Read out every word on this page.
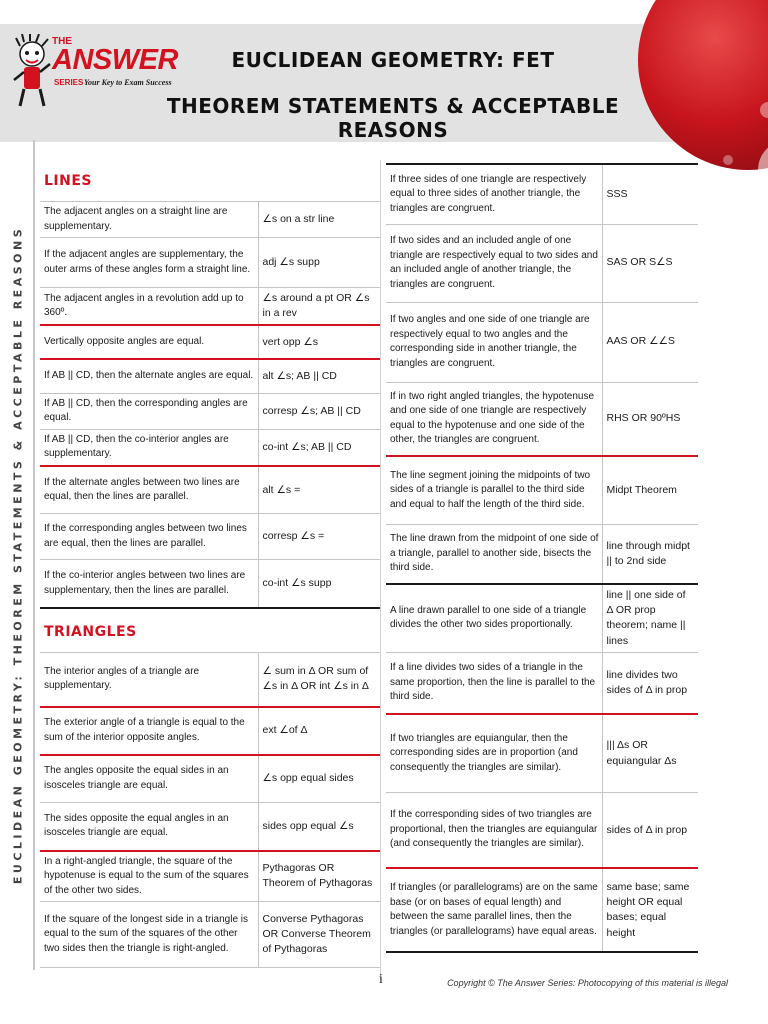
THE
ANSWER
SERIES Your Key to Exam Success
EUCLIDEAN GEOMETRY: FET
THEOREM STATEMENTS & ACCEPTABLE REASONS
EUCLIDEAN GEOMETRY: THEOREM STATEMENTS & ACCEPTABLE REASONS
LINES
The adjacent angles on a straight line are supplementary.	∠s on a str line
If the adjacent angles are supplementary, the outer arms of these angles form a straight line.	adj ∠s supp
The adjacent angles in a revolution add up to 360º.	∠s around a pt OR ∠s in a rev
Vertically opposite angles are equal.	vert opp ∠s
If AB || CD, then the alternate angles are equal.	alt ∠s; AB || CD
If AB || CD, then the corresponding angles are equal.	corresp ∠s; AB || CD
If AB || CD, then the co-interior angles are supplementary.	co-int ∠s; AB || CD
If the alternate angles between two lines are equal, then the lines are parallel.	alt ∠s =
If the corresponding angles between two lines are equal, then the lines are parallel.	corresp ∠s =
If the co-interior angles between two lines are supplementary, then the lines are parallel.	co-int ∠s supp
TRIANGLES
The interior angles of a triangle are supplementary.	∠ sum in Δ OR sum of ∠s in Δ OR int ∠s in Δ
The exterior angle of a triangle is equal to the sum of the interior opposite angles.	ext ∠of Δ
The angles opposite the equal sides in an isosceles triangle are equal.	∠s opp equal sides
The sides opposite the equal angles in an isosceles triangle are equal.	sides opp equal ∠s
In a right-angled triangle, the square of the hypotenuse is equal to the sum of the squares of the other two sides.	Pythagoras OR Theorem of Pythagoras
If the square of the longest side in a triangle is equal to the sum of the squares of the other two sides then the triangle is right-angled.	Converse Pythagoras OR Converse Theorem of Pythagoras
If three sides of one triangle are respectively equal to three sides of another triangle, the triangles are congruent.	SSS
If two sides and an included angle of one triangle are respectively equal to two sides and an included angle of another triangle, the triangles are congruent.	SAS OR S∠S
If two angles and one side of one triangle are respectively equal to two angles and the corresponding side in another triangle, the triangles are congruent.	AAS OR ∠∠S
If in two right angled triangles, the hypotenuse and one side of one triangle are respectively equal to the hypotenuse and one side of the other, the triangles are congruent.	RHS OR 90ºHS
The line segment joining the midpoints of two sides of a triangle is parallel to the third side and equal to half the length of the third side.	Midpt Theorem
The line drawn from the midpoint of one side of a triangle, parallel to another side, bisects the third side.	line through midpt || to 2nd side
A line drawn parallel to one side of a triangle divides the other two sides proportionally.	line || one side of Δ OR prop theorem; name || lines
If a line divides two sides of a triangle in the same proportion, then the line is parallel to the third side.	line divides two sides of Δ in prop
If two triangles are equiangular, then the corresponding sides are in proportion (and consequently the triangles are similar).	||| Δs OR equiangular Δs
If the corresponding sides of two triangles are proportional, then the triangles are equiangular (and consequently the triangles are similar).	sides of Δ in prop
If triangles (or parallelograms) are on the same base (or on bases of equal length) and between the same parallel lines, then the triangles (or parallelograms) have equal areas.	same base; same height OR equal bases; equal height
i	Copyright © The Answer Series: Photocopying of this material is illegal
